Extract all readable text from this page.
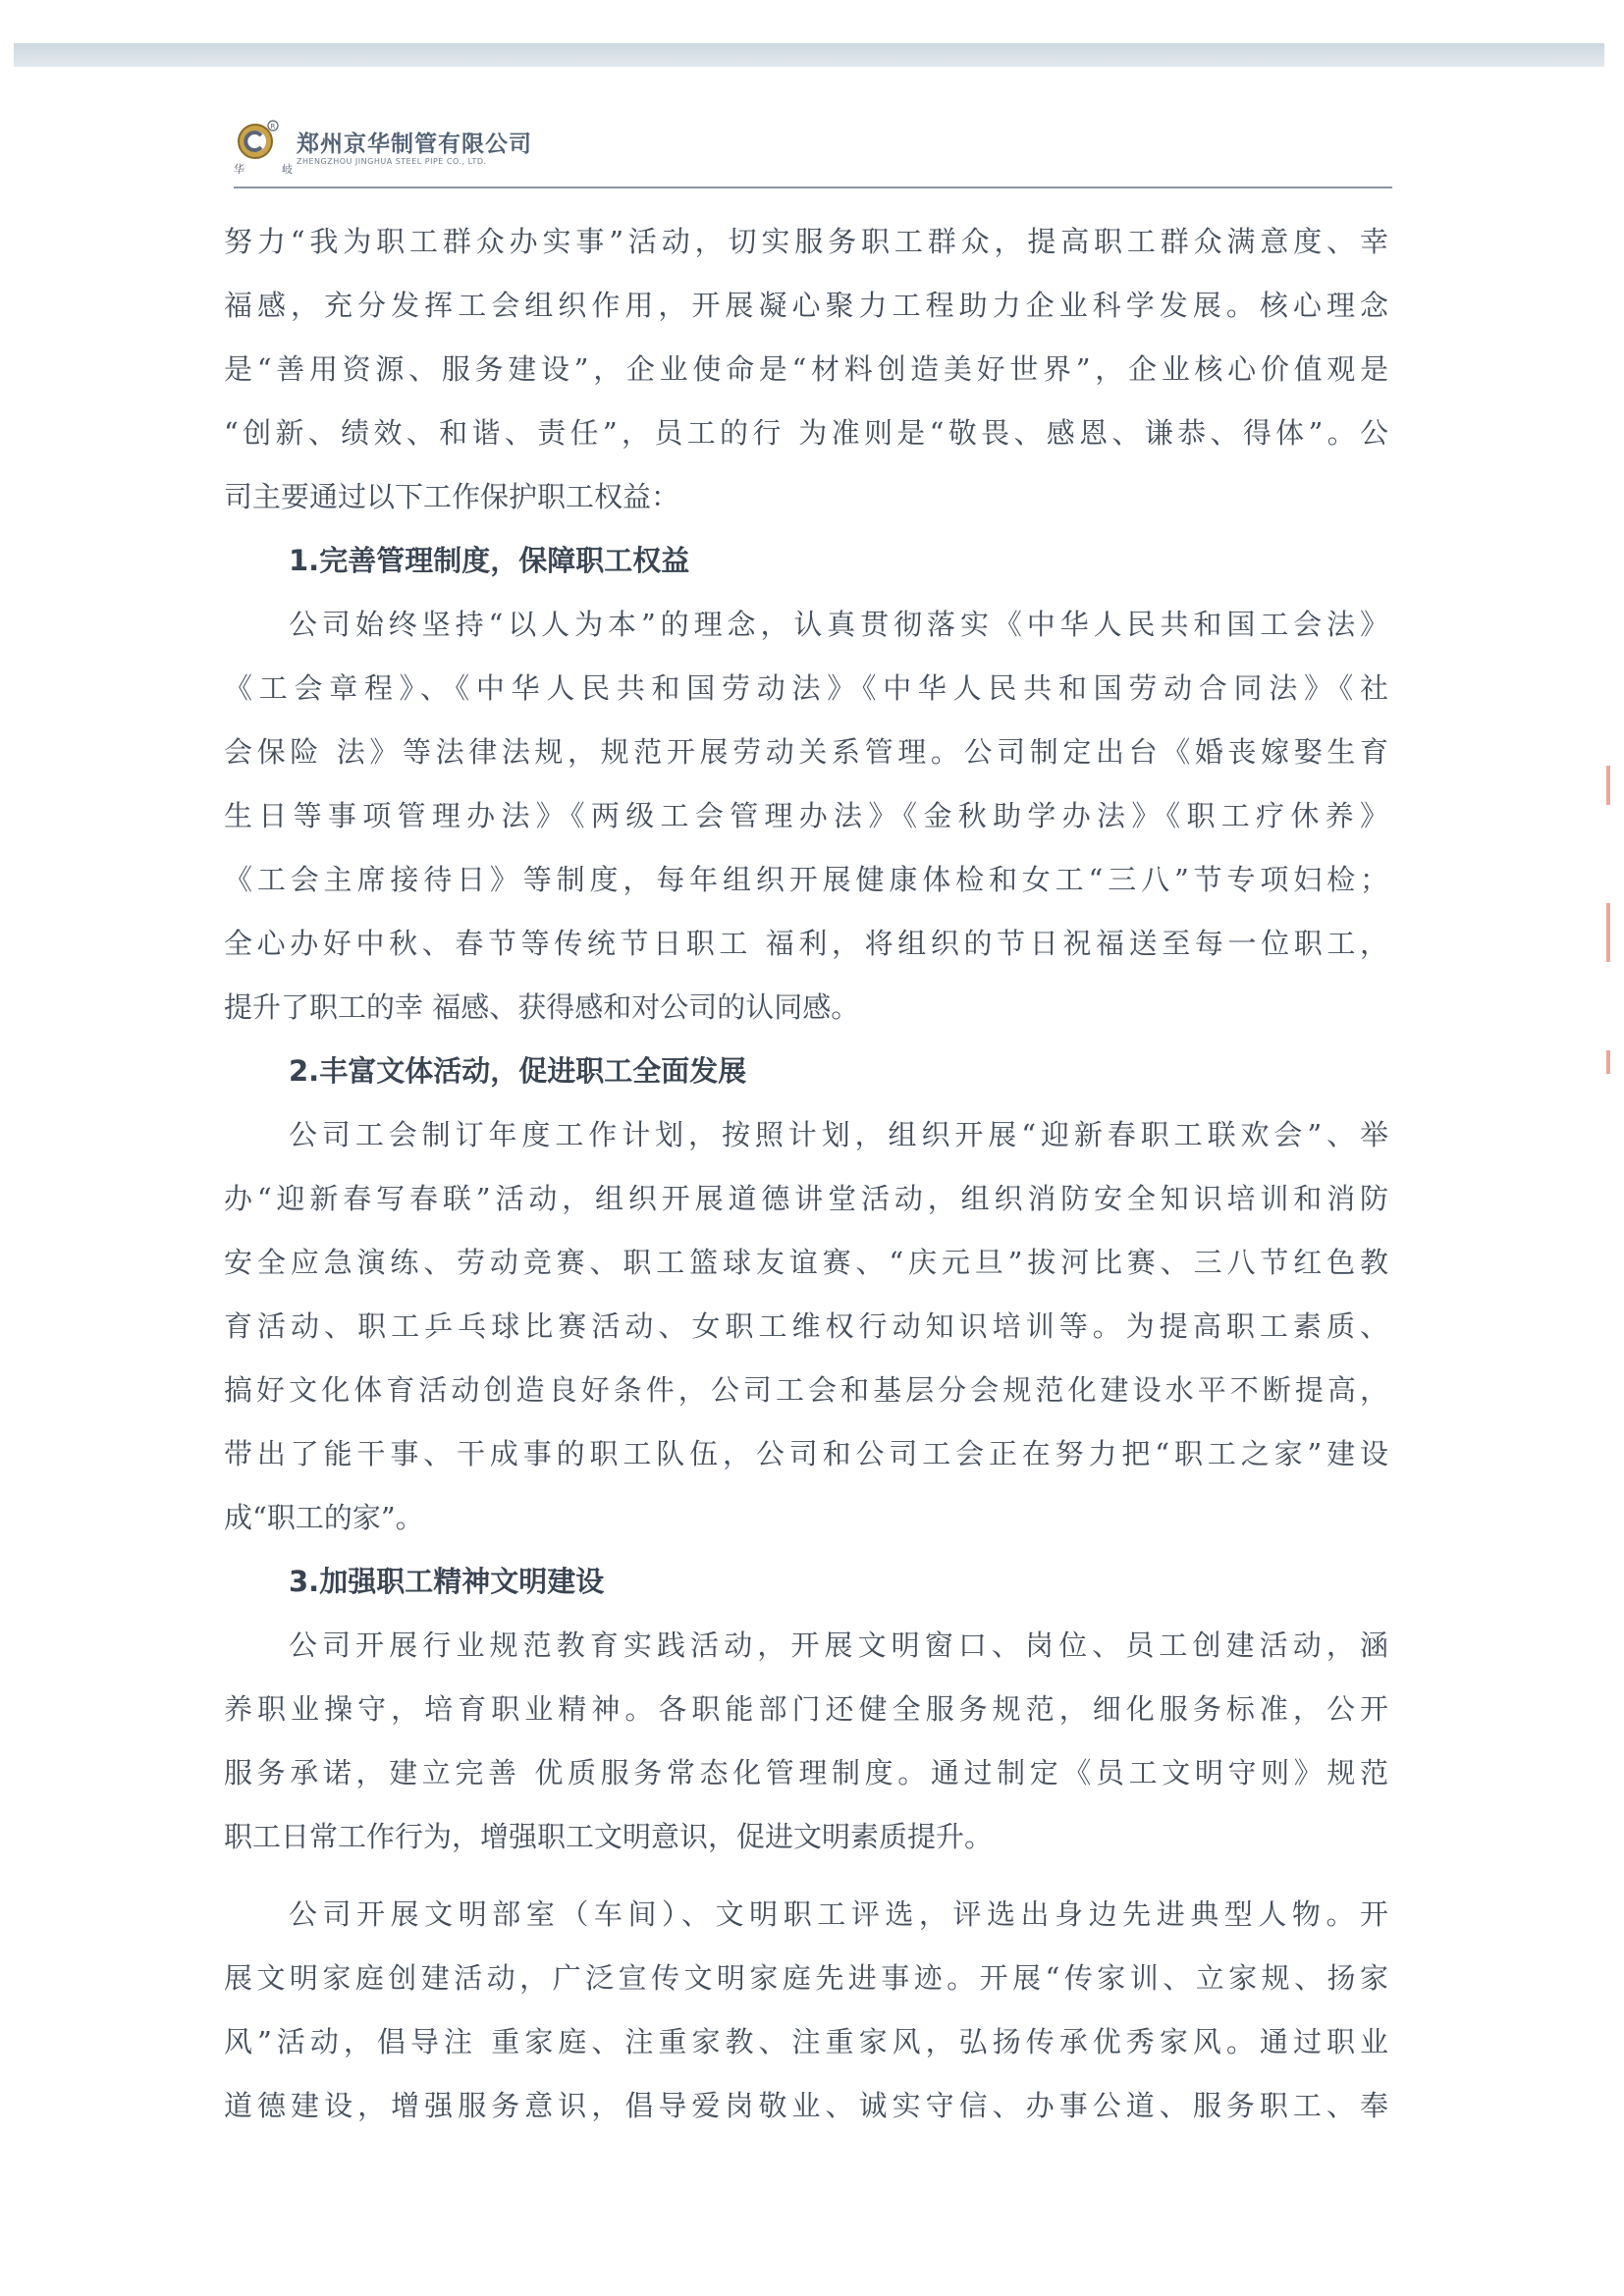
R
华	岐
郑州京华制管有限公司
ZHENGZHOU JINGHUA STEEL PIPE CO., LTD.
努力“我为职工群众办实事”活动，切实服务职工群众，提高职工群众满意度、幸
福感，充分发挥工会组织作用，开展凝心聚力工程助力企业科学发展。核心理念
是“善用资源、服务建设”，企业使命是“材料创造美好世界”，企业核心价值观是
“创新、绩效、和谐、责任”，员工的行 为准则是“敬畏、感恩、谦恭、得体”。公
司主要通过以下工作保护职工权益：
1.完善管理制度，保障职工权益
公司始终坚持“以人为本”的理念，认真贯彻落实《中华人民共和国工会法》
《工会章程》、《中华人民共和国劳动法》《中华人民共和国劳动合同法》《社
会保险 法》等法律法规，规范开展劳动关系管理。公司制定出台《婚丧嫁娶生育
生日等事项管理办法》《两级工会管理办法》《金秋助学办法》《职工疗休养》
《工会主席接待日》等制度，每年组织开展健康体检和女工“三八”节专项妇检；
全心办好中秋、春节等传统节日职工 福利，将组织的节日祝福送至每一位职工，
提升了职工的幸 福感、获得感和对公司的认同感。
2.丰富文体活动，促进职工全面发展
公司工会制订年度工作计划，按照计划，组织开展“迎新春职工联欢会”、举
办“迎新春写春联”活动，组织开展道德讲堂活动，组织消防安全知识培训和消防
安全应急演练、劳动竞赛、职工篮球友谊赛、“庆元旦”拔河比赛、三八节红色教
育活动、职工乒乓球比赛活动、女职工维权行动知识培训等。为提高职工素质、
搞好文化体育活动创造良好条件，公司工会和基层分会规范化建设水平不断提高，
带出了能干事、干成事的职工队伍，公司和公司工会正在努力把“职工之家”建设
成“职工的家”。
3.加强职工精神文明建设
公司开展行业规范教育实践活动，开展文明窗口、岗位、员工创建活动，涵
养职业操守，培育职业精神。各职能部门还健全服务规范，细化服务标准，公开
服务承诺，建立完善 优质服务常态化管理制度。通过制定《员工文明守则》规范
职工日常工作行为，增强职工文明意识，促进文明素质提升。
公司开展文明部室（车间）、文明职工评选，评选出身边先进典型人物。开
展文明家庭创建活动，广泛宣传文明家庭先进事迹。开展“传家训、立家规、扬家
风”活动，倡导注 重家庭、注重家教、注重家风，弘扬传承优秀家风。通过职业
道德建设，增强服务意识，倡导爱岗敬业、诚实守信、办事公道、服务职工、奉
